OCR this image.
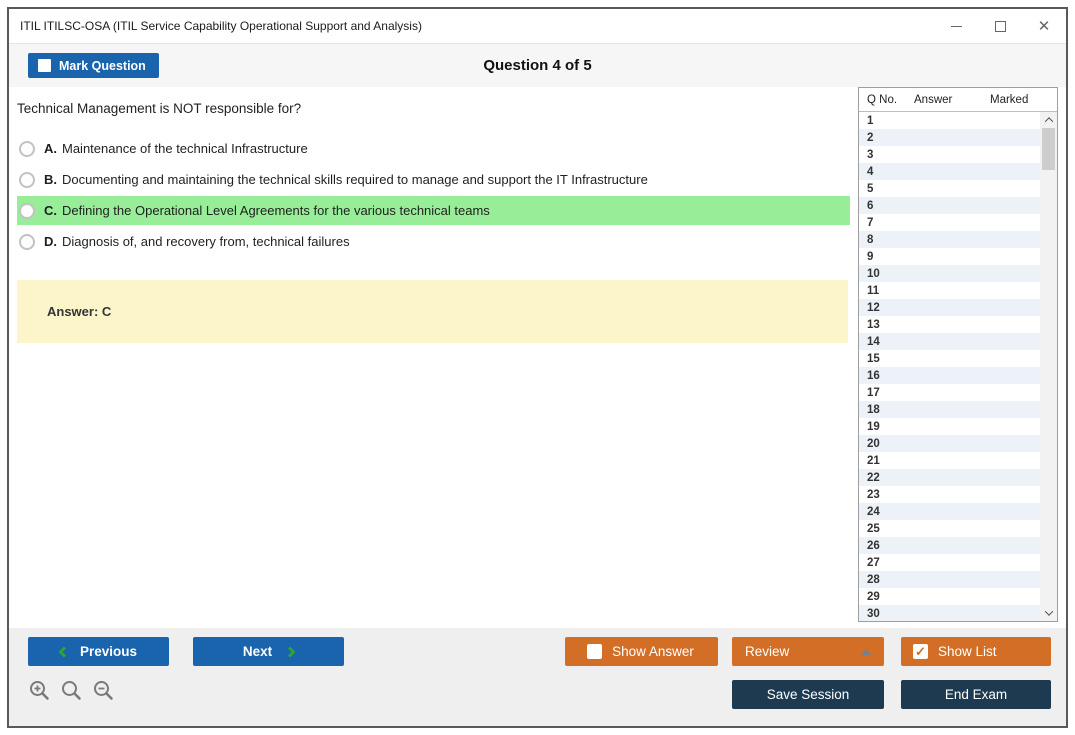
ITIL ITILSC-OSA (ITIL Service Capability Operational Support and Analysis)	✕
Mark Question	Question 4 of 5
Technical Management is NOT responsible for?
A. Maintenance of the technical Infrastructure
B. Documenting and maintaining the technical skills required to manage and support the IT Infrastructure
C. Defining the Operational Level Agreements for the various technical teams
D. Diagnosis of, and recovery from, technical failures
Answer: C
Q No.	Answer	Marked
1
2
3
4
5
6
7
8
9
10
11
12
13
14
15
16
17
18
19
20
21
22
23
24
25
26
27
28
29
30
Previous	Next	Show Answer	Review	✓ Show List
Save Session	End Exam
